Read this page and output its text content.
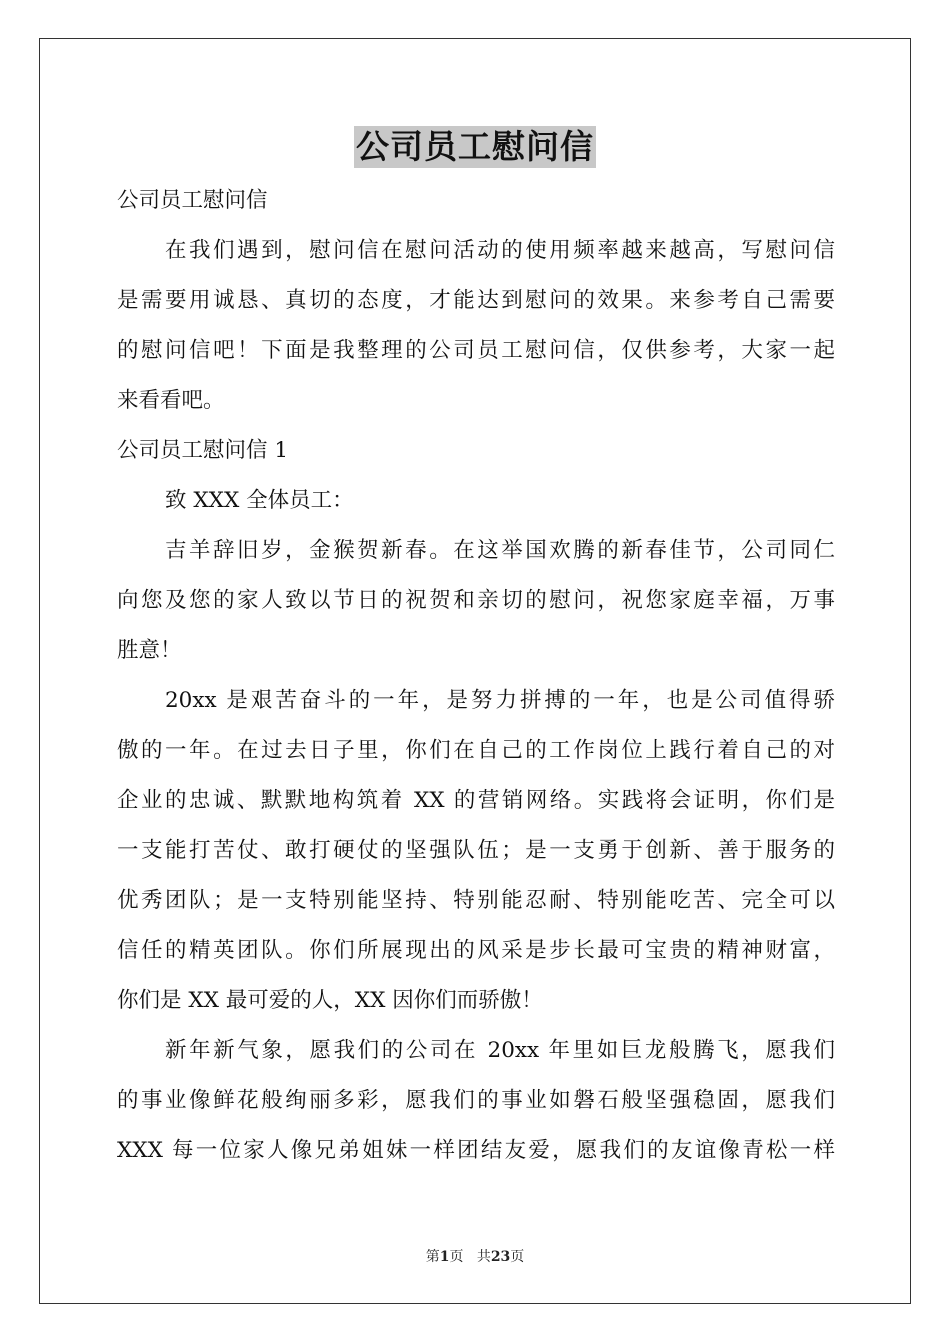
公司员工慰问信
公司员工慰问信
在我们遇到，慰问信在慰问活动的使用频率越来越高，写慰问信
是需要用诚恳、真切的态度，才能达到慰问的效果。来参考自己需要
的慰问信吧！下面是我整理的公司员工慰问信，仅供参考，大家一起
来看看吧。
公司员工慰问信 1
致 XXX 全体员工：
吉羊辞旧岁，金猴贺新春。在这举国欢腾的新春佳节，公司同仁
向您及您的家人致以节日的祝贺和亲切的慰问，祝您家庭幸福，万事
胜意！
20xx 是艰苦奋斗的一年，是努力拼搏的一年，也是公司值得骄
傲的一年。在过去日子里，你们在自己的工作岗位上践行着自己的对
企业的忠诚、默默地构筑着 XX 的营销网络。实践将会证明，你们是
一支能打苦仗、敢打硬仗的坚强队伍；是一支勇于创新、善于服务的
优秀团队；是一支特别能坚持、特别能忍耐、特别能吃苦、完全可以
信任的精英团队。你们所展现出的风采是步长最可宝贵的精神财富，
你们是 XX 最可爱的人，XX 因你们而骄傲！
新年新气象，愿我们的公司在 20xx 年里如巨龙般腾飞，愿我们
的事业像鲜花般绚丽多彩，愿我们的事业如磐石般坚强稳固，愿我们
XXX 每一位家人像兄弟姐妹一样团结友爱，愿我们的友谊像青松一样
第1页 共23页
